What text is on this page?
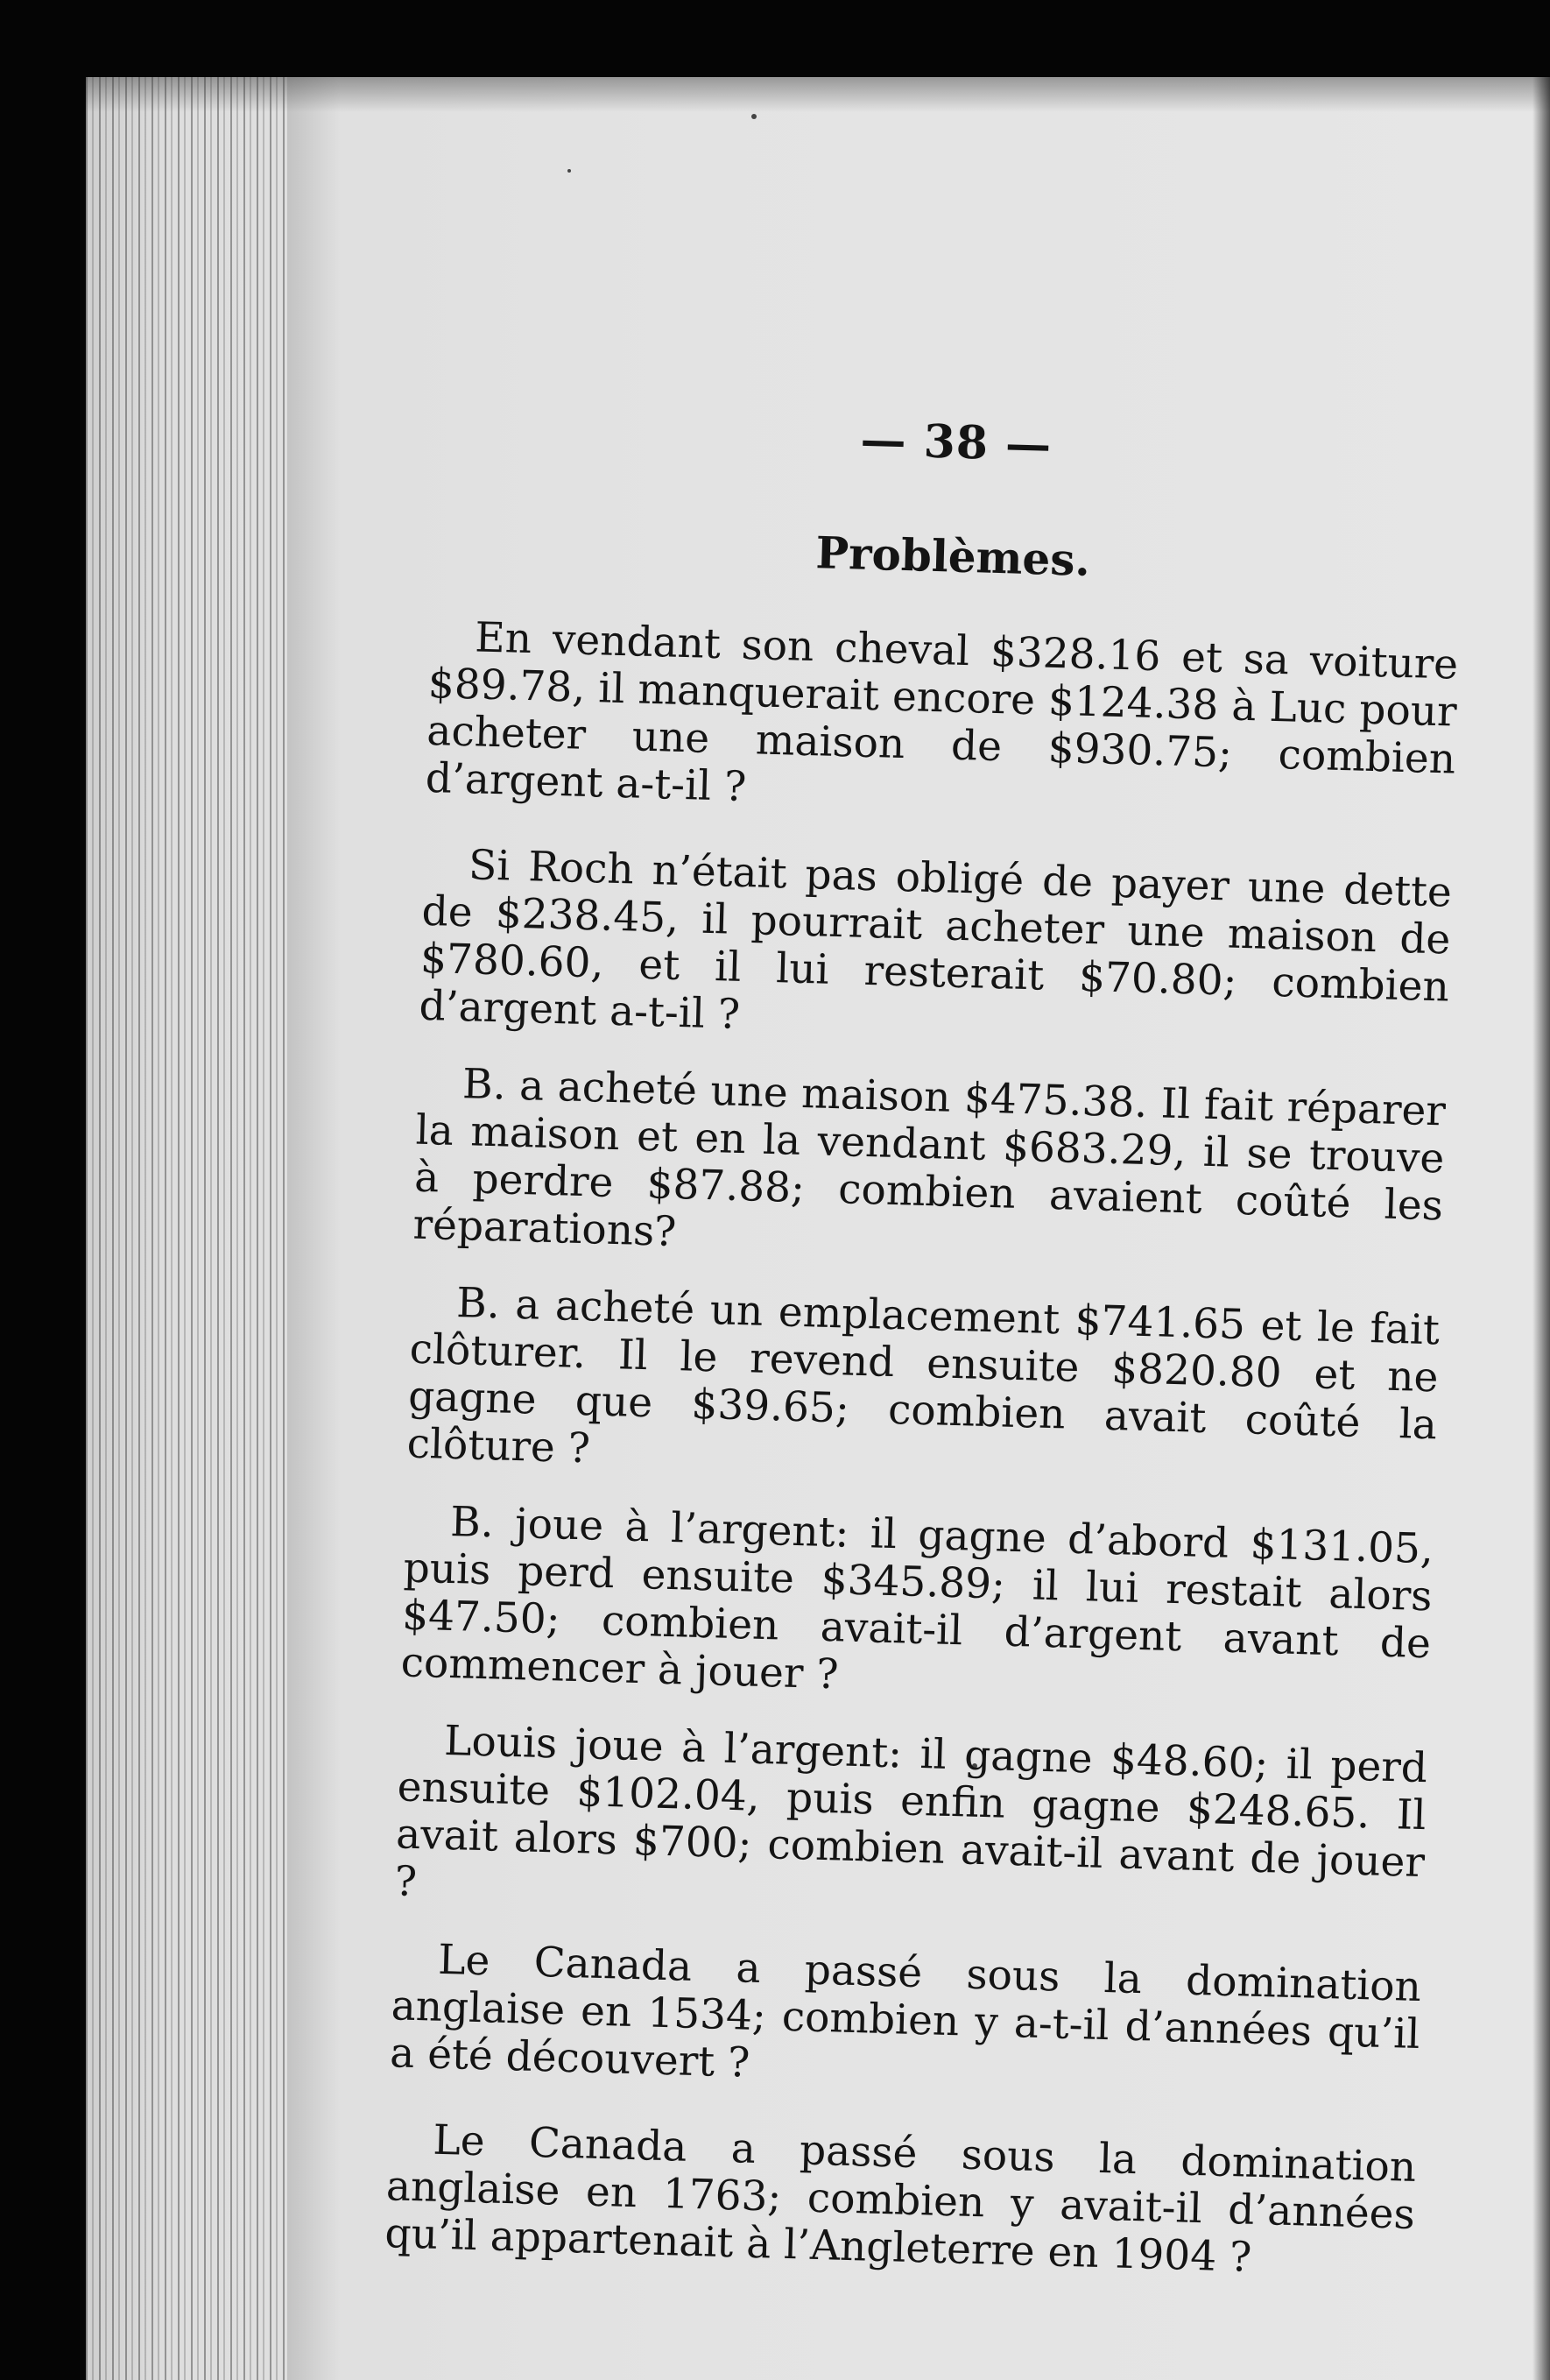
— 38 —
Problèmes.
En vendant son cheval $328.16 et sa voiture $89.78, il manquerait encore $124.38 à Luc pour acheter une maison de $930.75; combien d’argent a-t-il ?
Si Roch n’était pas obligé de payer une dette de $238.45, il pourrait acheter une maison de $780.60, et il lui resterait $70.80; combien d’argent a-t-il ?
B. a acheté une maison $475.38. Il fait réparer la maison et en la vendant $683.29, il se trouve à perdre $87.88; combien avaient coûté les réparations?
B. a acheté un emplacement $741.65 et le fait clôturer. Il le revend ensuite $820.80 et ne gagne que $39.65; combien avait coûté la clôture ?
B. joue à l’argent: il gagne d’abord $131.05, puis perd ensuite $345.89; il lui restait alors $47.50; combien avait-il d’argent avant de commencer à jouer ?
Louis joue à l’argent: il gagne $48.60; il perd ensuite $102.04, puis enfin gagne $248.65. Il avait alors $700; combien avait-il avant de jouer ?
Le Canada a passé sous la domination anglaise en 1534; combien y a-t-il d’années qu’il a été découvert ?
Le Canada a passé sous la domination anglaise en 1763; combien y avait-il d’années qu’il appartenait à l’Angleterre en 1904 ?
